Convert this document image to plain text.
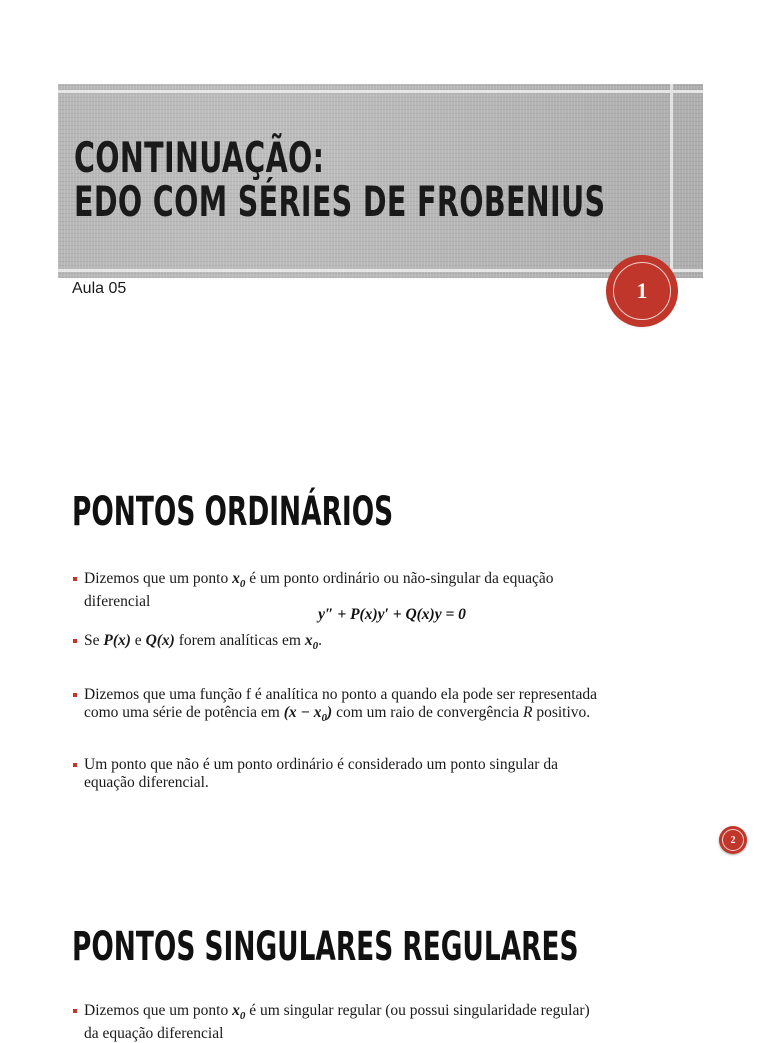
CONTINUAÇÃO:
EDO COM SÉRIES DE FROBENIUS

Aula 05	1
PONTOS ORDINÁRIOS
Dizemos que um ponto $x_0$ é um ponto ordinário ou não-singular da equação
diferencial
y″ + P(x)y′ + Q(x)y = 0
Se P(x) e Q(x) forem analíticas em $x_0$.
Dizemos que uma função f é analítica no ponto a quando ela pode ser representada
como uma série de potência em $(x - x_0)$ com um raio de convergência R positivo.
Um ponto que não é um ponto ordinário é considerado um ponto singular da
equação diferencial.
2
PONTOS SINGULARES REGULARES
Dizemos que um ponto $x_0$ é um singular regular (ou possui singularidade regular)
da equação diferencial
